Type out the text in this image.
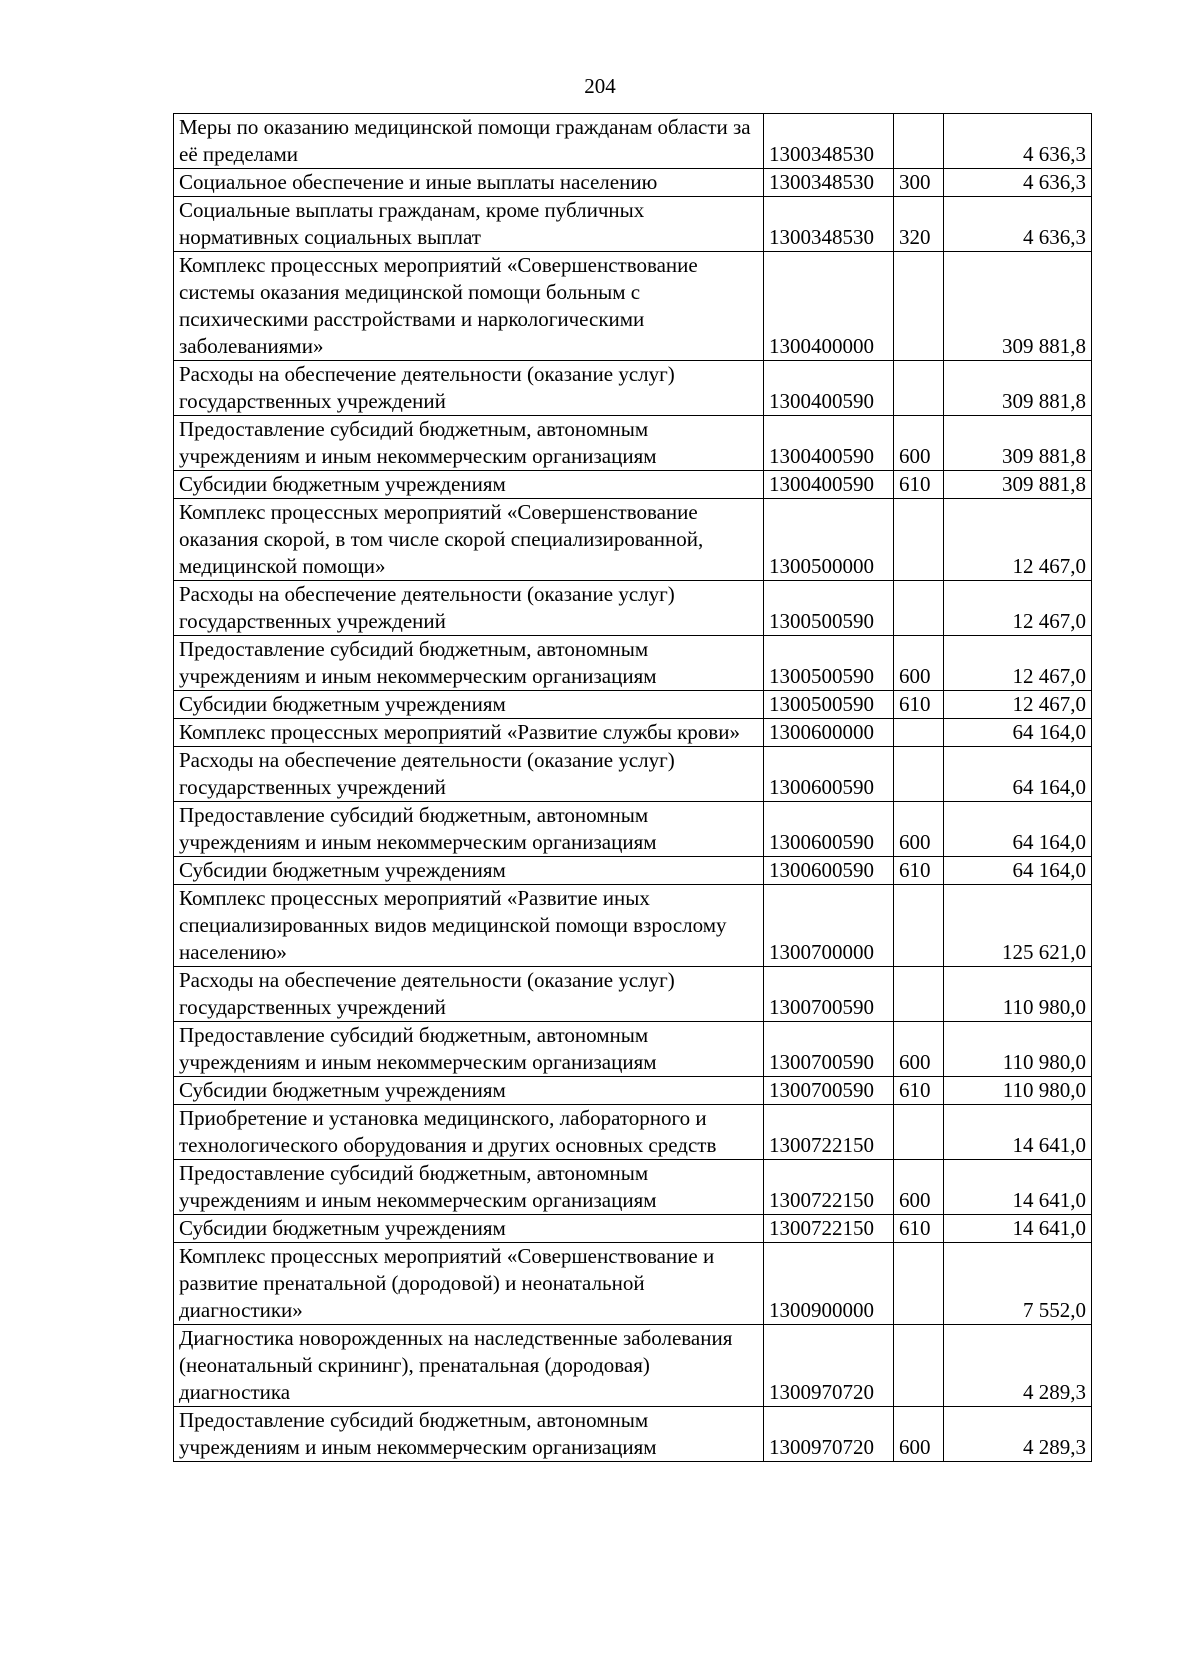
204
Меры по оказанию медицинской помощи гражданам области за её пределами	1300348530		4 636,3
Социальное обеспечение и иные выплаты населению	1300348530	300	4 636,3
Социальные выплаты гражданам, кроме публичных нормативных социальных выплат	1300348530	320	4 636,3
Комплекс процессных мероприятий «Совершенствование системы оказания медицинской помощи больным с психическими расстройствами и наркологическими заболеваниями»	1300400000		309 881,8
Расходы на обеспечение деятельности (оказание услуг) государственных учреждений	1300400590		309 881,8
Предоставление субсидий бюджетным, автономным учреждениям и иным некоммерческим организациям	1300400590	600	309 881,8
Субсидии бюджетным учреждениям	1300400590	610	309 881,8
Комплекс процессных мероприятий «Совершенствование оказания скорой, в том числе скорой специализированной, медицинской помощи»	1300500000		12 467,0
Расходы на обеспечение деятельности (оказание услуг) государственных учреждений	1300500590		12 467,0
Предоставление субсидий бюджетным, автономным учреждениям и иным некоммерческим организациям	1300500590	600	12 467,0
Субсидии бюджетным учреждениям	1300500590	610	12 467,0
Комплекс процессных мероприятий «Развитие службы крови»	1300600000		64 164,0
Расходы на обеспечение деятельности (оказание услуг) государственных учреждений	1300600590		64 164,0
Предоставление субсидий бюджетным, автономным учреждениям и иным некоммерческим организациям	1300600590	600	64 164,0
Субсидии бюджетным учреждениям	1300600590	610	64 164,0
Комплекс процессных мероприятий «Развитие иных специализированных видов медицинской помощи взрослому населению»	1300700000		125 621,0
Расходы на обеспечение деятельности (оказание услуг) государственных учреждений	1300700590		110 980,0
Предоставление субсидий бюджетным, автономным учреждениям и иным некоммерческим организациям	1300700590	600	110 980,0
Субсидии бюджетным учреждениям	1300700590	610	110 980,0
Приобретение и установка медицинского, лабораторного и технологического оборудования и других основных средств	1300722150		14 641,0
Предоставление субсидий бюджетным, автономным учреждениям и иным некоммерческим организациям	1300722150	600	14 641,0
Субсидии бюджетным учреждениям	1300722150	610	14 641,0
Комплекс процессных мероприятий «Совершенствование и развитие пренатальной (дородовой) и неонатальной диагностики»	1300900000		7 552,0
Диагностика новорожденных на наследственные заболевания (неонатальный скрининг), пренатальная (дородовая) диагностика	1300970720		4 289,3
Предоставление субсидий бюджетным, автономным учреждениям и иным некоммерческим организациям	1300970720	600	4 289,3
